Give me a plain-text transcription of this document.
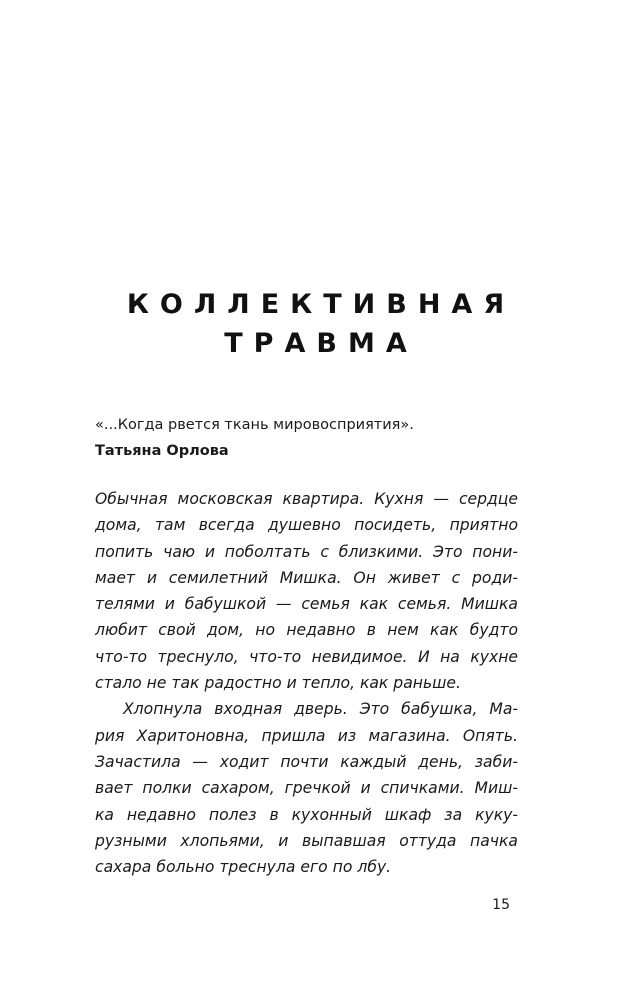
КОЛЛЕКТИВНАЯ
ТРАВМА
«...Когда рвется ткань мировосприятия».
Татьяна Орлова
Обычная московская квартира. Кухня — сердце
дома, там всегда душевно посидеть, приятно
попить чаю и поболтать с близкими. Это пони-
мает и семилетний Мишка. Он живет с роди-
телями и бабушкой — семья как семья. Мишка
любит свой дом, но недавно в нем как будто
что-то треснуло, что-то невидимое. И на кухне
стало не так радостно и тепло, как раньше.
Хлопнула входная дверь. Это бабушка, Ма-
рия Харитоновна, пришла из магазина. Опять.
Зачастила — ходит почти каждый день, заби-
вает полки сахаром, гречкой и спичками. Миш-
ка недавно полез в кухонный шкаф за куку-
рузными хлопьями, и выпавшая оттуда пачка
сахара больно треснула его по лбу.
15
